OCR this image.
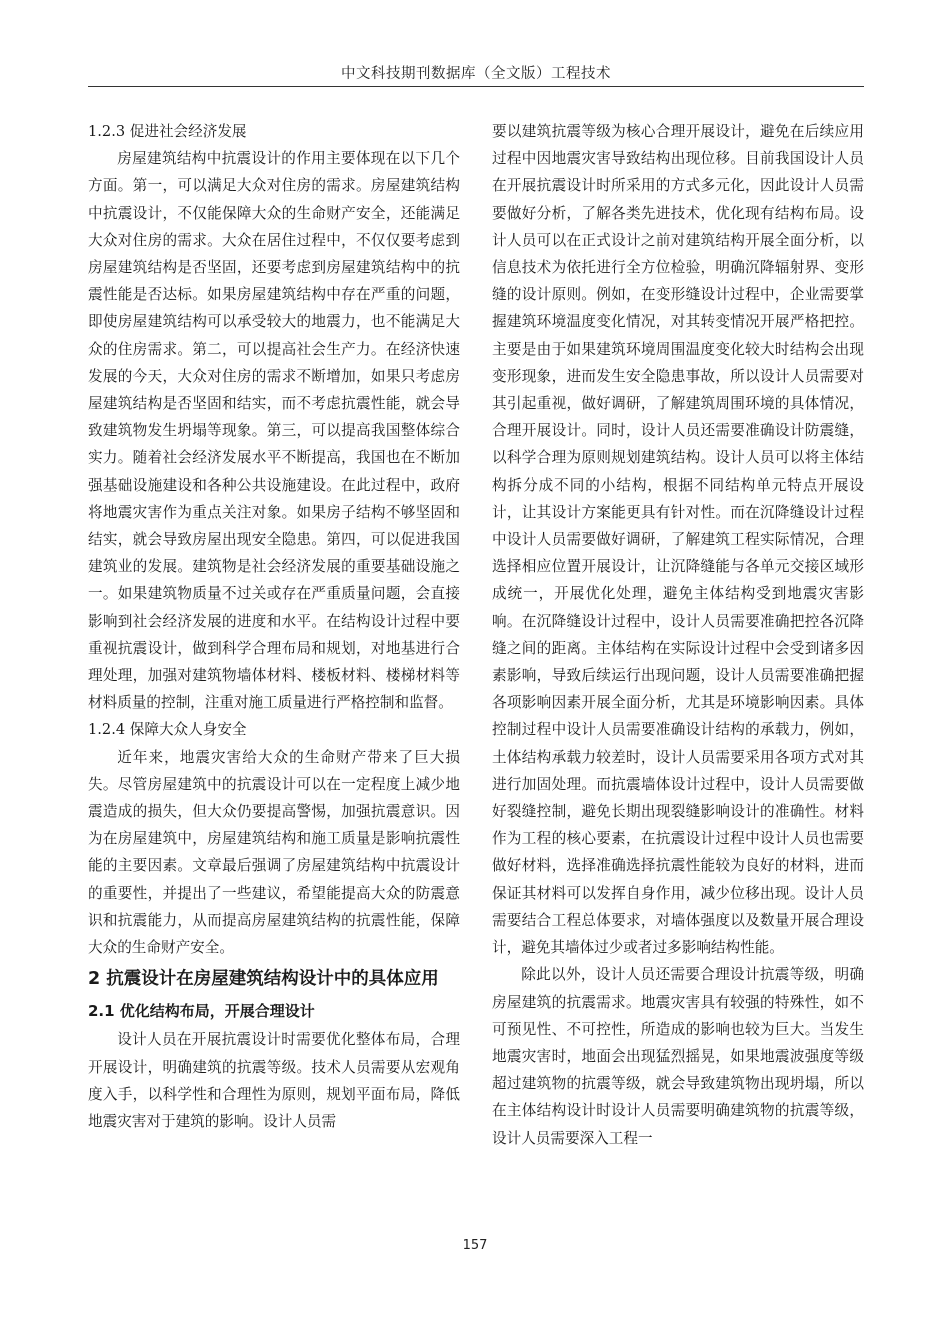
中文科技期刊数据库（全文版）工程技术
1.2.3 促进社会经济发展

房屋建筑结构中抗震设计的作用主要体现在以下几个方面。第一，可以满足大众对住房的需求。房屋建筑结构中抗震设计，不仅能保障大众的生命财产安全，还能满足大众对住房的需求。大众在居住过程中，不仅仅要考虑到房屋建筑结构是否坚固，还要考虑到房屋建筑结构中的抗震性能是否达标。如果房屋建筑结构中存在严重的问题，即使房屋建筑结构可以承受较大的地震力，也不能满足大众的住房需求。第二，可以提高社会生产力。在经济快速发展的今天，大众对住房的需求不断增加，如果只考虑房屋建筑结构是否坚固和结实，而不考虑抗震性能，就会导致建筑物发生坍塌等现象。第三，可以提高我国整体综合实力。随着社会经济发展水平不断提高，我国也在不断加强基础设施建设和各种公共设施建设。在此过程中，政府将地震灾害作为重点关注对象。如果房子结构不够坚固和结实，就会导致房屋出现安全隐患。第四，可以促进我国建筑业的发展。建筑物是社会经济发展的重要基础设施之一。如果建筑物质量不过关或存在严重质量问题，会直接影响到社会经济发展的进度和水平。在结构设计过程中要重视抗震设计，做到科学合理布局和规划，对地基进行合理处理，加强对建筑物墙体材料、楼板材料、楼梯材料等材料质量的控制，注重对施工质量进行严格控制和监督。

1.2.4 保障大众人身安全

近年来，地震灾害给大众的生命财产带来了巨大损失。尽管房屋建筑中的抗震设计可以在一定程度上减少地震造成的损失，但大众仍要提高警惕，加强抗震意识。因为在房屋建筑中，房屋建筑结构和施工质量是影响抗震性能的主要因素。文章最后强调了房屋建筑结构中抗震设计的重要性，并提出了一些建议，希望能提高大众的防震意识和抗震能力，从而提高房屋建筑结构的抗震性能，保障大众的生命财产安全。

2 抗震设计在房屋建筑结构设计中的具体应用
2.1 优化结构布局，开展合理设计

设计人员在开展抗震设计时需要优化整体布局，合理开展设计，明确建筑的抗震等级。技术人员需要从宏观角度入手，以科学性和合理性为原则，规划平面布局，降低地震灾害对于建筑的影响。设计人员需

要以建筑抗震等级为核心合理开展设计，避免在后续应用过程中因地震灾害导致结构出现位移。目前我国设计人员在开展抗震设计时所采用的方式多元化，因此设计人员需要做好分析，了解各类先进技术，优化现有结构布局。设计人员可以在正式设计之前对建筑结构开展全面分析，以信息技术为依托进行全方位检验，明确沉降辐射界、变形缝的设计原则。例如，在变形缝设计过程中，企业需要掌握建筑环境温度变化情况，对其转变情况开展严格把控。主要是由于如果建筑环境周围温度变化较大时结构会出现变形现象，进而发生安全隐患事故，所以设计人员需要对其引起重视，做好调研，了解建筑周围环境的具体情况，合理开展设计。同时，设计人员还需要准确设计防震缝，以科学合理为原则规划建筑结构。设计人员可以将主体结构拆分成不同的小结构，根据不同结构单元特点开展设计，让其设计方案能更具有针对性。而在沉降缝设计过程中设计人员需要做好调研，了解建筑工程实际情况，合理选择相应位置开展设计，让沉降缝能与各单元交接区域形成统一，开展优化处理，避免主体结构受到地震灾害影响。在沉降缝设计过程中，设计人员需要准确把控各沉降缝之间的距离。主体结构在实际设计过程中会受到诸多因素影响，导致后续运行出现问题，设计人员需要准确把握各项影响因素开展全面分析，尤其是环境影响因素。具体控制过程中设计人员需要准确设计结构的承载力，例如，土体结构承载力较差时，设计人员需要采用各项方式对其进行加固处理。而抗震墙体设计过程中，设计人员需要做好裂缝控制，避免长期出现裂缝影响设计的准确性。材料作为工程的核心要素，在抗震设计过程中设计人员也需要做好材料，选择准确选择抗震性能较为良好的材料，进而保证其材料可以发挥自身作用，减少位移出现。设计人员需要结合工程总体要求，对墙体强度以及数量开展合理设计，避免其墙体过少或者过多影响结构性能。

除此以外，设计人员还需要合理设计抗震等级，明确房屋建筑的抗震需求。地震灾害具有较强的特殊性，如不可预见性、不可控性，所造成的影响也较为巨大。当发生地震灾害时，地面会出现猛烈摇晃，如果地震波强度等级超过建筑物的抗震等级，就会导致建筑物出现坍塌，所以在主体结构设计时设计人员需要明确建筑物的抗震等级，设计人员需要深入工程一

157
